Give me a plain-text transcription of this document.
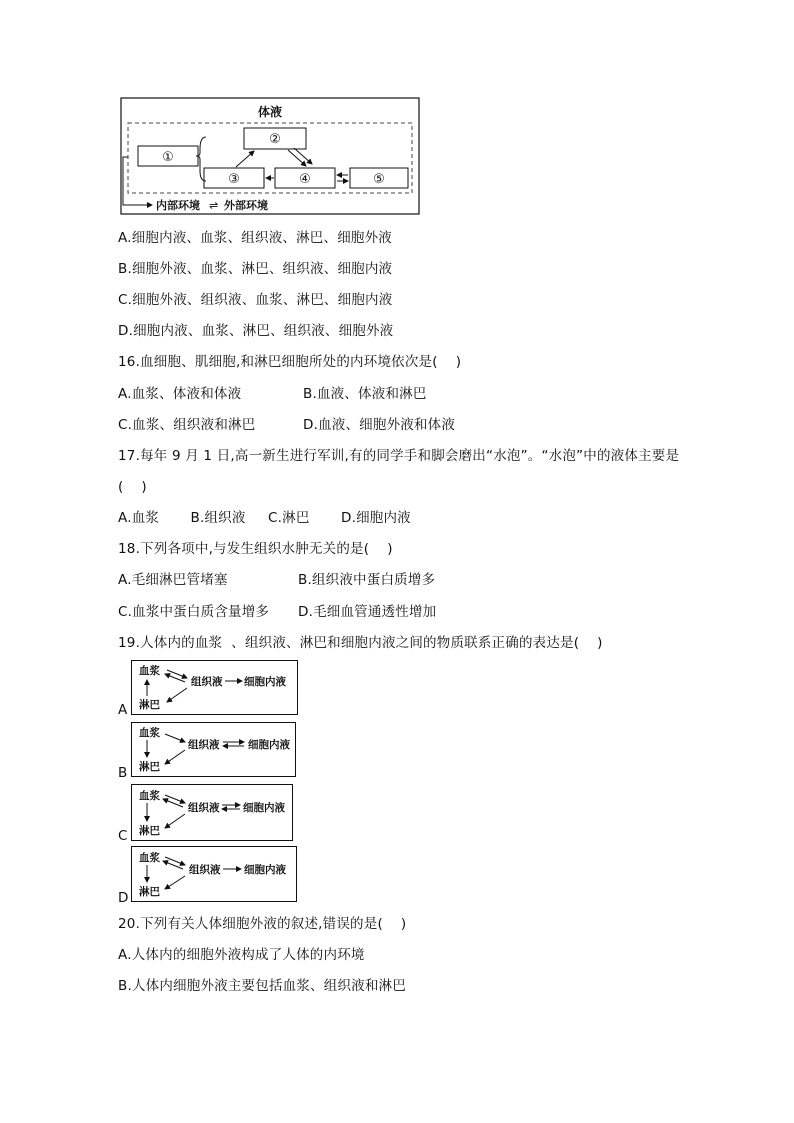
体液
①
②
③	④	⑤
内部环境 ⇌ 外部环境
A.细胞内液、血浆、组织液、淋巴、细胞外液
B.细胞外液、血浆、淋巴、组织液、细胞内液
C.细胞外液、组织液、血浆、淋巴、细胞内液
D.细胞内液、血浆、淋巴、组织液、细胞外液
16.血细胞、肌细胞,和淋巴细胞所处的内环境依次是(    )
A.血浆、体液和体液	B.血液、体液和淋巴
C.血浆、组织液和淋巴	D.血液、细胞外液和体液
17.每年 9 月 1 日,高一新生进行军训,有的同学手和脚会磨出“水泡”。“水泡”中的液体主要是
(    )
A.血浆       B.组织液     C.淋巴       D.细胞内液
18.下列各项中,与发生组织水肿无关的是(    )
A.毛细淋巴管堵塞	B.组织液中蛋白质增多
C.血浆中蛋白质含量增多 D.毛细血管通透性增加
19.人体内的血浆  、组织液、淋巴和细胞内液之间的物质联系正确的表达是(    )
A
血浆
淋巴
组织液 细胞内液
B
血浆
淋巴
组织液	细胞内液
C
血浆
淋巴
组织液 细胞内液
D
血浆
淋巴
组织液 细胞内液
20.下列有关人体细胞外液的叙述,错误的是(    )
A.人体内的细胞外液构成了人体的内环境
B.人体内细胞外液主要包括血浆、组织液和淋巴
